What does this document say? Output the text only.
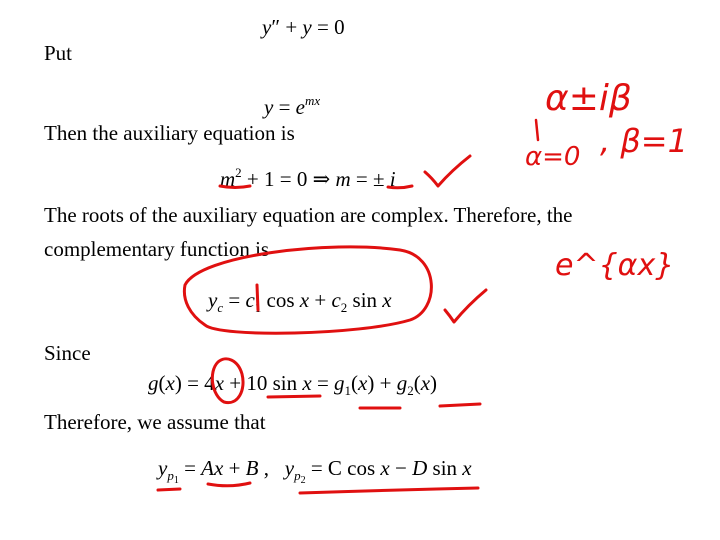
y″ + y = 0

Put

$y = e^{mx}$

Then the auxiliary equation is

$m^2 + 1 = 0$ ⇒ m = ± i

The roots of the auxiliary equation are complex. Therefore, the

complementary function is

$y_c = c_1$ $\cos x + c_2$ sin x

Since

g(x) = 4x + 10 $\sin x = g_1(x) + g_2(x)$

Therefore, we assume that

$y_{p_1} = Ax + B$ ,   $y_{p_2} = C$ cos x − D sin x
α±iβ
α=0 , β=1
e^{αx}
